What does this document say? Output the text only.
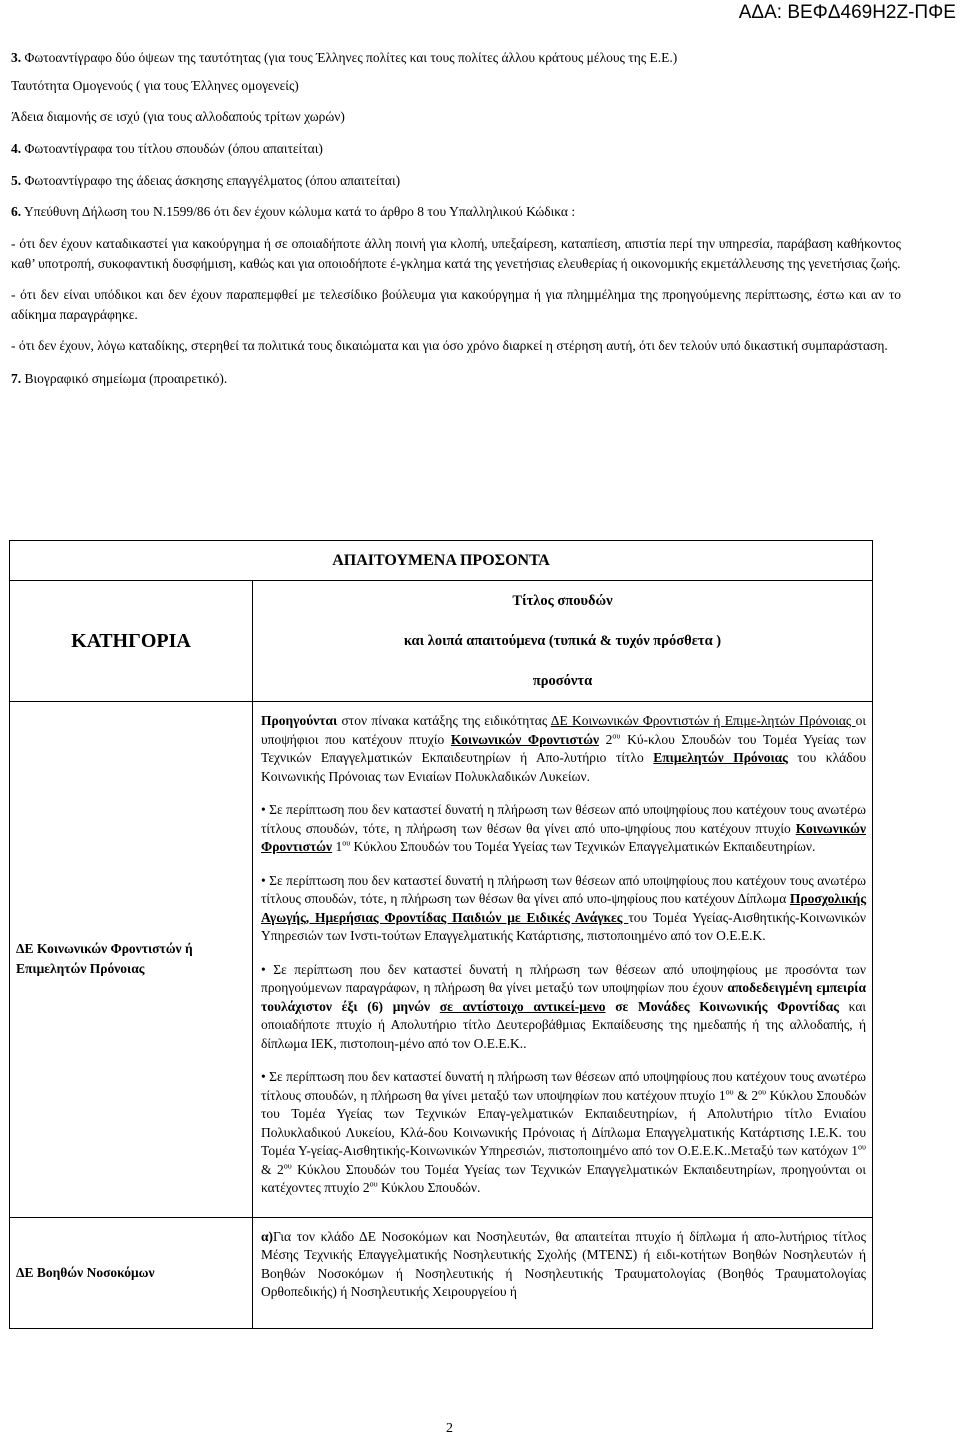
ΑΔΑ: ΒΕΦΔ469Η2Ζ-ΠΦΕ
3. Φωτοαντίγραφο δύο όψεων της ταυτότητας (για τους Έλληνες πολίτες και τους πολίτες άλλου κράτους μέλους της Ε.Ε.)
Ταυτότητα Ομογενούς ( για τους Έλληνες ομογενείς)
Άδεια διαμονής σε ισχύ (για τους αλλοδαπούς τρίτων χωρών)
4. Φωτοαντίγραφα του τίτλου σπουδών (όπου απαιτείται)
5. Φωτοαντίγραφο της άδειας άσκησης επαγγέλματος (όπου απαιτείται)
6. Υπεύθυνη Δήλωση του Ν.1599/86 ότι δεν έχουν κώλυμα κατά το άρθρο 8 του Υπαλληλικού Κώδικα :
- ότι δεν έχουν καταδικαστεί για κακούργημα ή σε οποιαδήποτε άλλη ποινή για κλοπή, υπεξαίρεση, καταπίεση, απιστία περί την υπηρεσία, παράβαση καθήκοντος καθ’ υποτροπή, συκοφαντική δυσφήμιση, καθώς και για οποιοδήποτε έ-γκλημα κατά της γενετήσιας ελευθερίας ή οικονομικής εκμετάλλευσης της γενετήσιας ζωής.
- ότι δεν είναι υπόδικοι και δεν έχουν παραπεμφθεί με τελεσίδικο βούλευμα για κακούργημα ή για πλημμέλημα της προηγούμενης περίπτωσης, έστω και αν το αδίκημα παραγράφηκε.
- ότι δεν έχουν, λόγω καταδίκης, στερηθεί τα πολιτικά τους δικαιώματα και για όσο χρόνο διαρκεί η στέρηση αυτή, ότι δεν τελούν υπό δικαστική συμπαράσταση.
7. Βιογραφικό σημείωμα (προαιρετικό).
ΑΠΑΙΤΟΥΜΕΝΑ ΠΡΟΣΟΝΤΑ	
ΚΑΤΗΓΟΡΙΑ	Τίτλος σπουδών
και λοιπά απαιτούμενα (τυπικά & τυχόν πρόσθετα )
προσόντα

ΔΕ Κοινωνικών Φροντιστών ή Επιμελητών Πρόνοιας	Προηγούνται στον πίνακα κατάξης της ειδικότητας ΔΕ Κοινωνικών Φροντιστών ή Επιμε-λητών Πρόνοιας οι υποψήφιοι που κατέχουν πτυχίο Κοινωνικών Φροντιστών $2^{o\upsilon}$ Κύ-κλου Σπουδών του Τομέα Υγείας των Τεχνικών Επαγγελματικών Εκπαιδευτηρίων ή Απο-λυτήριο τίτλο Επιμελητών Πρόνοιας του κλάδου Κοινωνικής Πρόνοιας των Ενιαίων Πολυκλαδικών Λυκείων.
• Σε περίπτωση που δεν καταστεί δυνατή η πλήρωση των θέσεων από υποψηφίους που κατέχουν τους ανωτέρω τίτλους σπουδών, τότε, η πλήρωση των θέσων θα γίνει από υπο-ψηφίους που κατέχουν πτυχίο Κοινωνικών Φροντιστών $1^{o\upsilon}$ Κύκλου Σπουδών του Τομέα Υγείας των Τεχνικών Επαγγελματικών Εκπαιδευτηρίων.
• Σε περίπτωση που δεν καταστεί δυνατή η πλήρωση των θέσεων από υποψηφίους που κατέχουν τους ανωτέρω τίτλους σπουδών, τότε, η πλήρωση των θέσων θα γίνει από υπο-ψηφίους που κατέχουν Δίπλωμα Προσχολικής Αγωγής, Ημερήσιας Φροντίδας Παιδιών με Ειδικές Ανάγκες του Τομέα Υγείας-Αισθητικής-Κοινωνικών Υπηρεσιών των Ινστι-τούτων Επαγγελματικής Κατάρτισης, πιστοποιημένο από τον Ο.Ε.Ε.Κ.
• Σε περίπτωση που δεν καταστεί δυνατή η πλήρωση των θέσεων από υποψηφίους με προσόντα των προηγούμενων παραγράφων, η πλήρωση θα γίνει μεταξύ των υποψηφίων που έχουν αποδεδειγμένη εμπειρία τουλάχιστον έξι (6) μηνών σε αντίστοιχο αντικεί-μενο σε Μονάδες Κοινωνικής Φροντίδας και οποιαδήποτε πτυχίο ή Απολυτήριο τίτλο Δευτεροβάθμιας Εκπαίδευσης της ημεδαπής ή της αλλοδαπής, ή δίπλωμα ΙΕΚ, πιστοποιη-μένο από τον Ο.Ε.Ε.Κ..
• Σε περίπτωση που δεν καταστεί δυνατή η πλήρωση των θέσεων από υποψηφίους που κατέχουν τους ανωτέρω τίτλους σπουδών, η πλήρωση θα γίνει μεταξύ των υποψηφίων που κατέχουν πτυχίο $1^{o\upsilon}$ & $2^{o\upsilon}$ Κύκλου Σπουδών του Τομέα Υγείας των Τεχνικών Επαγ-γελματικών Εκπαιδευτηρίων, ή Απολυτήριο τίτλο Ενιαίου Πολυκλαδικού Λυκείου, Κλά-δου Κοινωνικής Πρόνοιας ή Δίπλωμα Επαγγελματικής Κατάρτισης Ι.Ε.Κ. του Τομέα Υ-γείας-Αισθητικής-Κοινωνικών Υπηρεσιών, πιστοποιημένο από τον Ο.Ε.Ε.Κ..Μεταξύ των κατόχων $1^{o\upsilon}$ & $2^{o\upsilon}$ Κύκλου Σπουδών του Τομέα Υγείας των Τεχνικών Επαγγελματικών Εκπαιδευτηρίων, προηγούνται οι κατέχοντες πτυχίο $2^{o\upsilon}$ Κύκλου Σπουδών.

ΔΕ Βοηθών Νοσοκόμων	α)Για τον κλάδο ΔΕ Νοσοκόμων και Νοσηλευτών, θα απαιτείται πτυχίο ή δίπλωμα ή απο-λυτήριος τίτλος Μέσης Τεχνικής Επαγγελματικής Νοσηλευτικής Σχολής (ΜΤΕΝΣ) ή ειδι-κοτήτων Βοηθών Νοσηλευτών ή Βοηθών Νοσοκόμων ή Νοσηλευτικής ή Νοσηλευτικής Τραυματολογίας (Βοηθός Τραυματολογίας Ορθοπεδικής) ή Νοσηλευτικής Χειρουργείου ή
2
